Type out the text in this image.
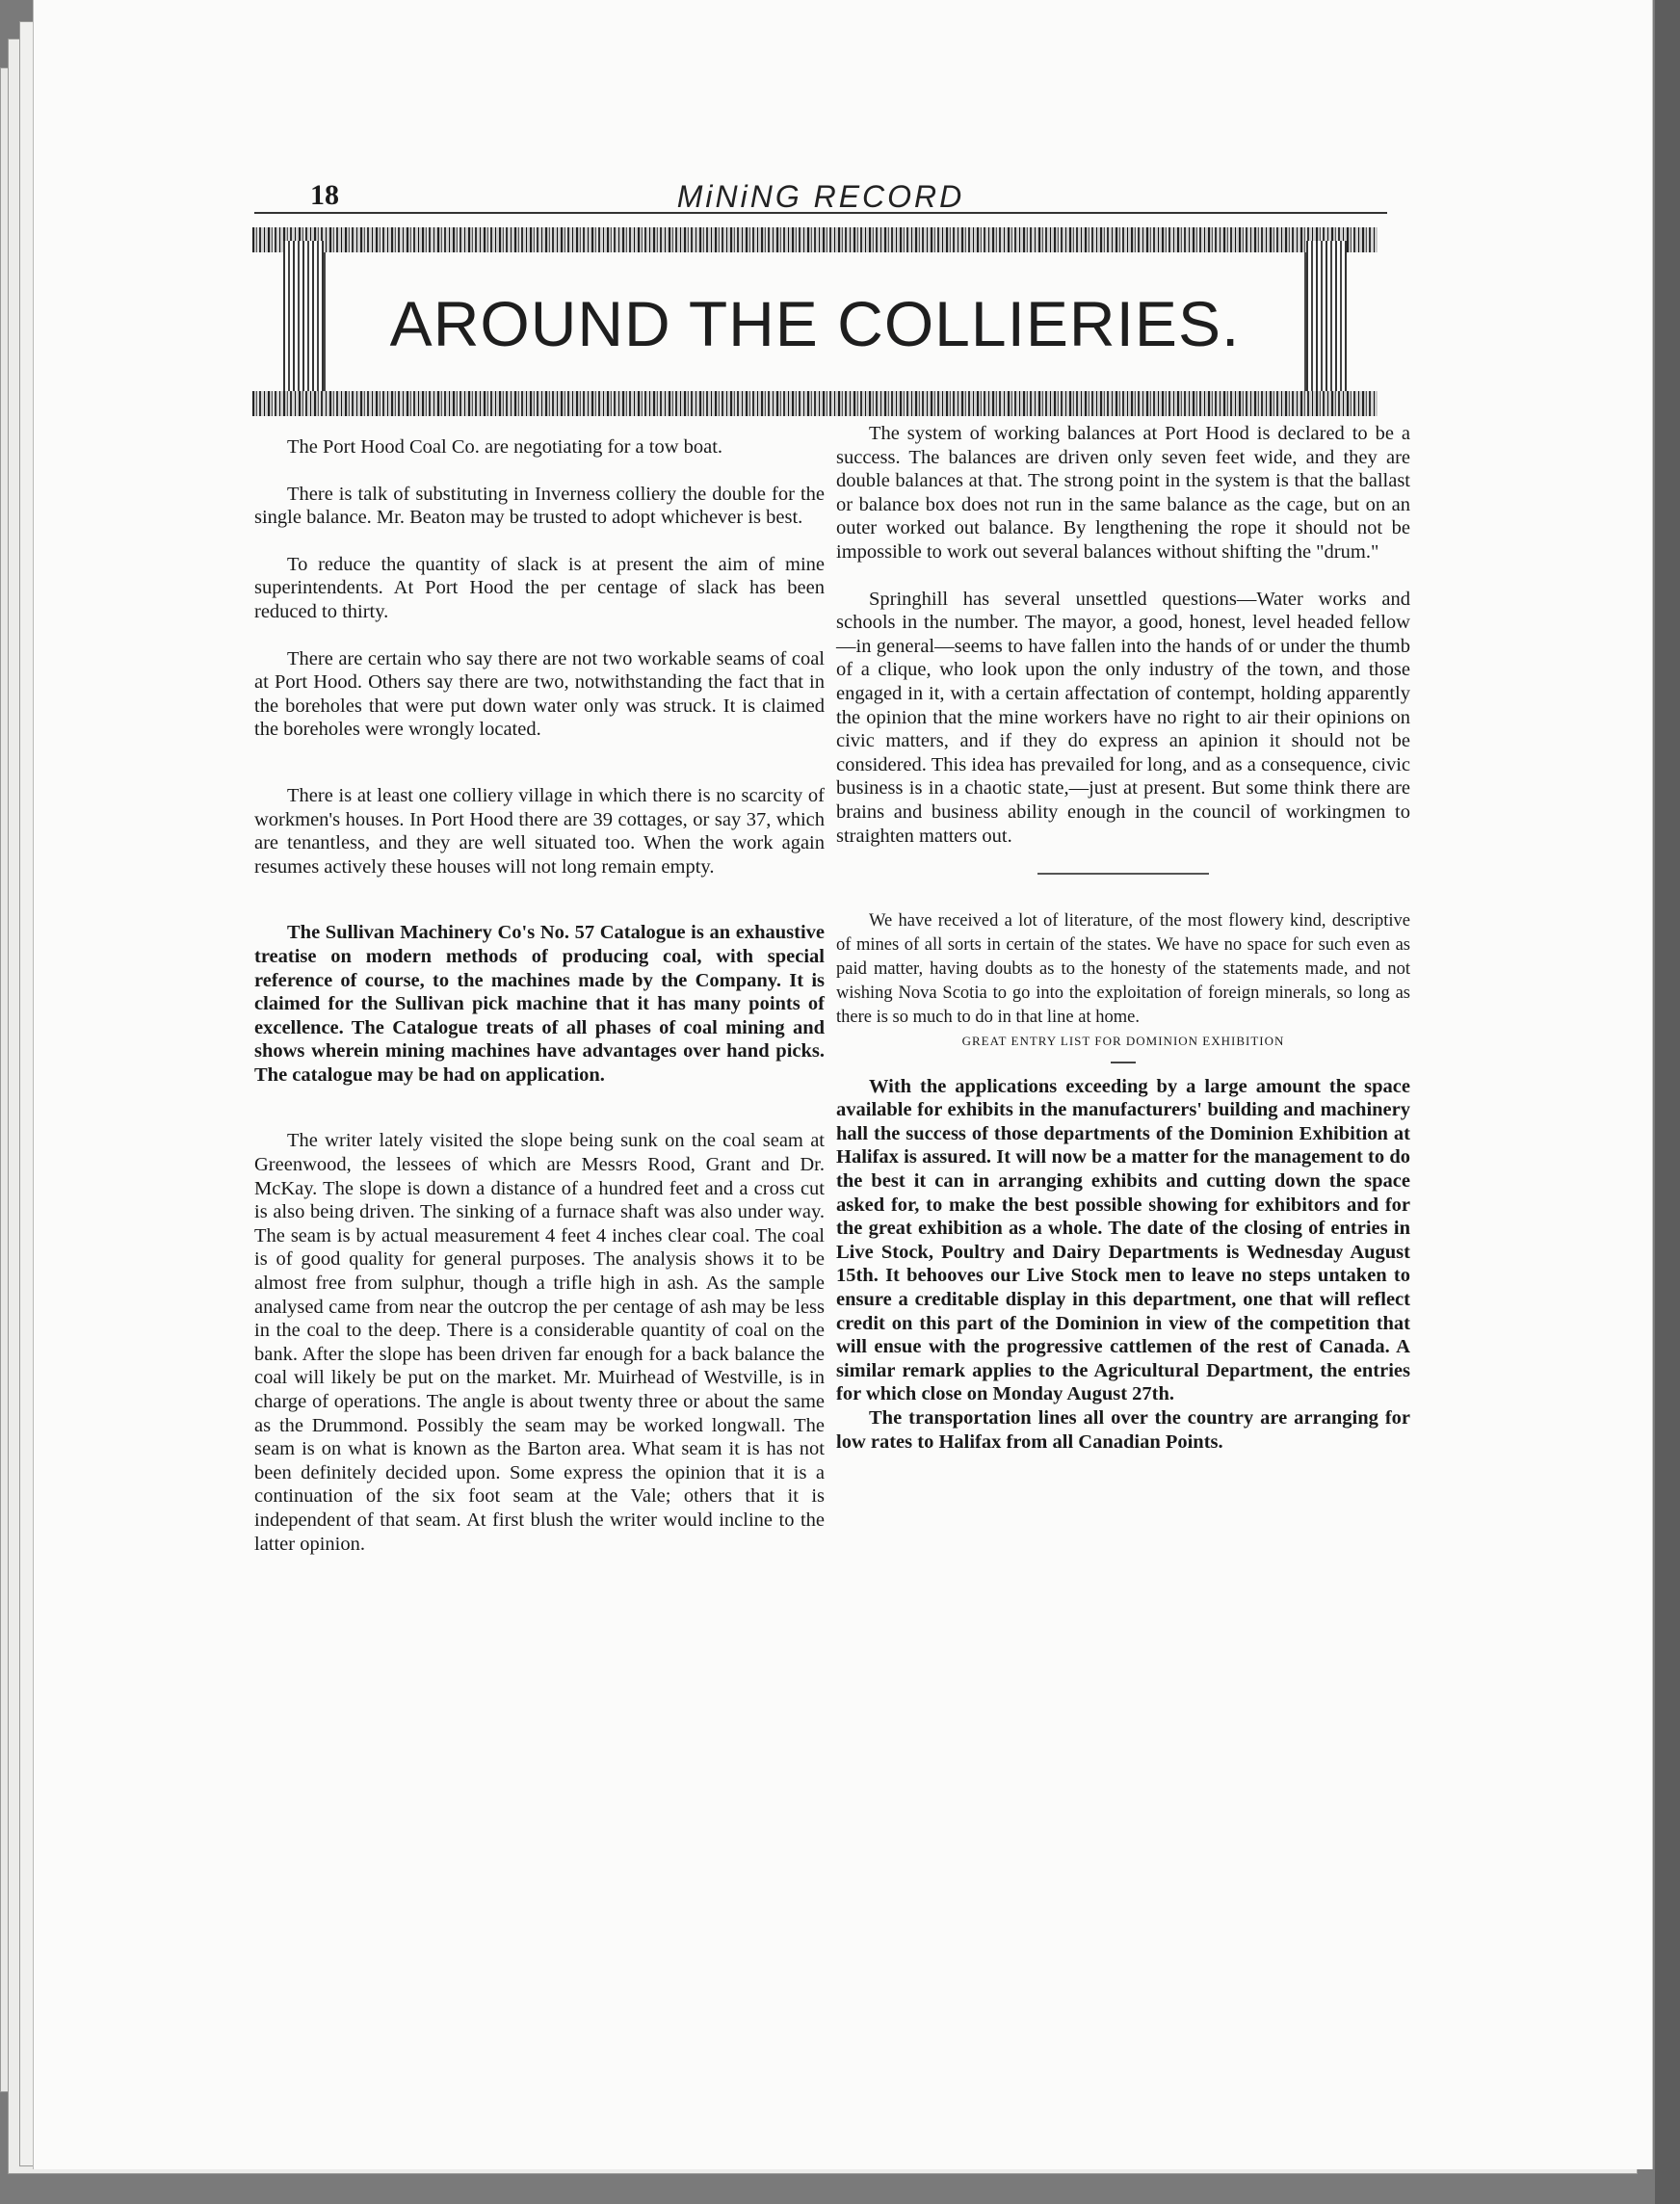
18	MiNiNG RECORD
AROUND THE COLLIERIES.

The Port Hood Coal Co. are negotiating for a tow boat.

There is talk of substituting in Inverness colliery the double for the single balance. Mr. Beaton may be trusted to adopt whichever is best.

To reduce the quantity of slack is at present the aim of mine superintendents. At Port Hood the per centage of slack has been reduced to thirty.

There are certain who say there are not two workable seams of coal at Port Hood. Others say there are two, notwithstanding the fact that in the boreholes that were put down water only was struck. It is claimed the boreholes were wrongly located.

There is at least one colliery village in which there is no scarcity of workmen's houses. In Port Hood there are 39 cottages, or say 37, which are tenantless, and they are well situated too. When the work again resumes actively these houses will not long remain empty.

The Sullivan Machinery Co's No. 57 Catalogue is an exhaustive treatise on modern methods of producing coal, with special reference of course, to the machines made by the Company. It is claimed for the Sullivan pick machine that it has many points of excellence. The Catalogue treats of all phases of coal mining and shows wherein mining machines have advantages over hand picks. The catalogue may be had on application.

The writer lately visited the slope being sunk on the coal seam at Greenwood, the lessees of which are Messrs Rood, Grant and Dr. McKay. The slope is down a distance of a hundred feet and a cross cut is also being driven. The sinking of a furnace shaft was also under way. The seam is by actual measurement 4 feet 4 inches clear coal. The coal is of good quality for general purposes. The analysis shows it to be almost free from sulphur, though a trifle high in ash. As the sample analysed came from near the outcrop the per centage of ash may be less in the coal to the deep. There is a considerable quantity of coal on the bank. After the slope has been driven far enough for a back balance the coal will likely be put on the market. Mr. Muirhead of Westville, is in charge of operations. The angle is about twenty three or about the same as the Drummond. Possibly the seam may be worked longwall. The seam is on what is known as the Barton area. What seam it is has not been definitely decided upon. Some express the opinion that it is a continuation of the six foot seam at the Vale; others that it is independent of that seam. At first blush the writer would incline to the latter opinion.

The system of working balances at Port Hood is declared to be a success. The balances are driven only seven feet wide, and they are double balances at that. The strong point in the system is that the ballast or balance box does not run in the same balance as the cage, but on an outer worked out balance. By lengthening the rope it should not be impossible to work out several balances without shifting the "drum."

Springhill has several unsettled questions—Water works and schools in the number. The mayor, a good, honest, level headed fellow—in general—seems to have fallen into the hands of or under the thumb of a clique, who look upon the only industry of the town, and those engaged in it, with a certain affectation of contempt, holding apparently the opinion that the mine workers have no right to air their opinions on civic matters, and if they do express an apinion it should not be considered. This idea has prevailed for long, and as a consequence, civic business is in a chaotic state,—just at present. But some think there are brains and business ability enough in the council of workingmen to straighten matters out.

We have received a lot of literature, of the most flowery kind, descriptive of mines of all sorts in certain of the states. We have no space for such even as paid matter, having doubts as to the honesty of the statements made, and not wishing Nova Scotia to go into the exploitation of foreign minerals, so long as there is so much to do in that line at home.

GREAT ENTRY LIST FOR DOMINION EXHIBITION

With the applications exceeding by a large amount the space available for exhibits in the manufacturers' building and machinery hall the success of those departments of the Dominion Exhibition at Halifax is assured. It will now be a matter for the management to do the best it can in arranging exhibits and cutting down the space asked for, to make the best possible showing for exhibitors and for the great exhibition as a whole. The date of the closing of entries in Live Stock, Poultry and Dairy Departments is Wednesday August 15th. It behooves our Live Stock men to leave no steps untaken to ensure a creditable display in this department, one that will reflect credit on this part of the Dominion in view of the competition that will ensue with the progressive cattlemen of the rest of Canada. A similar remark applies to the Agricultural Department, the entries for which close on Monday August 27th.

The transportation lines all over the country are arranging for low rates to Halifax from all Canadian Points.
